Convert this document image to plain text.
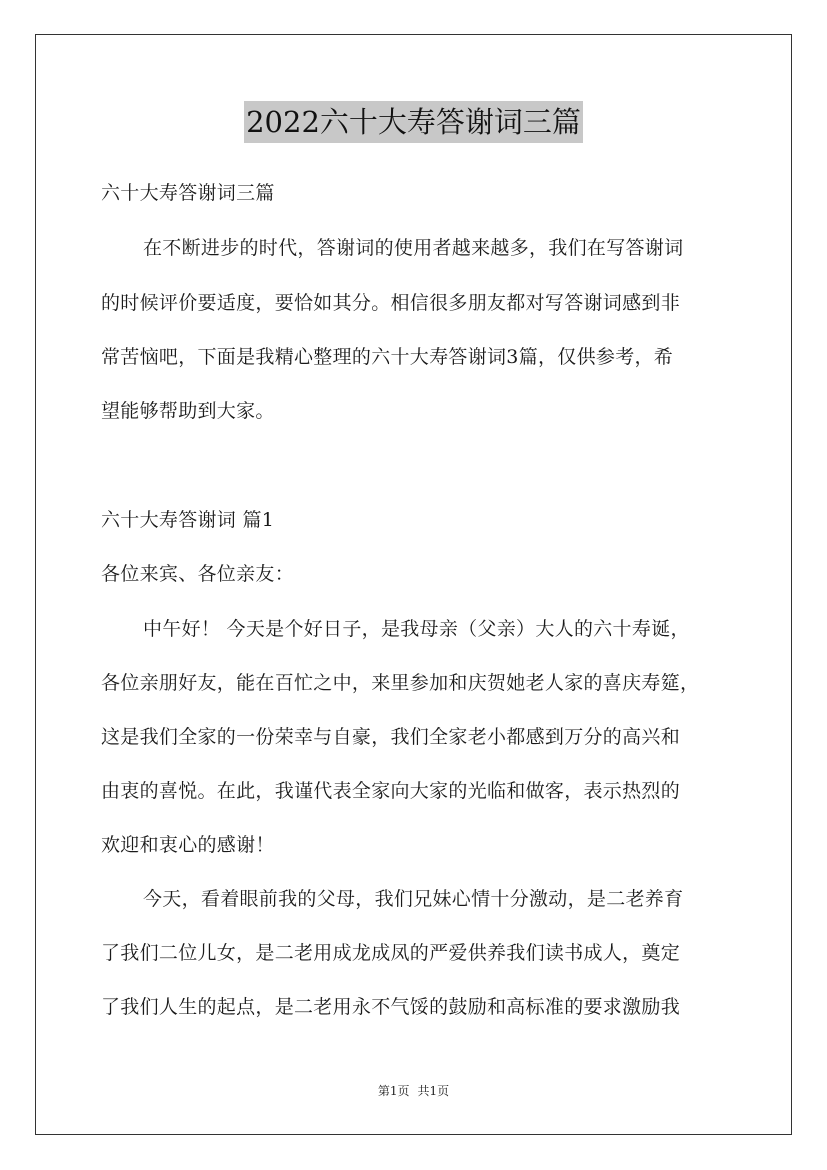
2022六十大寿答谢词三篇
六十大寿答谢词三篇
在不断进步的时代，答谢词的使用者越来越多，我们在写答谢词
的时候评价要适度，要恰如其分。相信很多朋友都对写答谢词感到非
常苦恼吧，下面是我精心整理的六十大寿答谢词3篇，仅供参考，希
望能够帮助到大家。
六十大寿答谢词 篇1
各位来宾、各位亲友：
中午好！ 今天是个好日子，是我母亲（父亲）大人的六十寿诞，
各位亲朋好友，能在百忙之中，来里参加和庆贺她老人家的喜庆寿筵，
这是我们全家的一份荣幸与自豪，我们全家老小都感到万分的高兴和
由衷的喜悦。在此，我谨代表全家向大家的光临和做客，表示热烈的
欢迎和衷心的感谢！
今天，看着眼前我的父母，我们兄妹心情十分激动，是二老养育
了我们二位儿女，是二老用成龙成凤的严爱供养我们读书成人，奠定
了我们人生的起点，是二老用永不气馁的鼓励和高标准的要求激励我
第1页 共1页
